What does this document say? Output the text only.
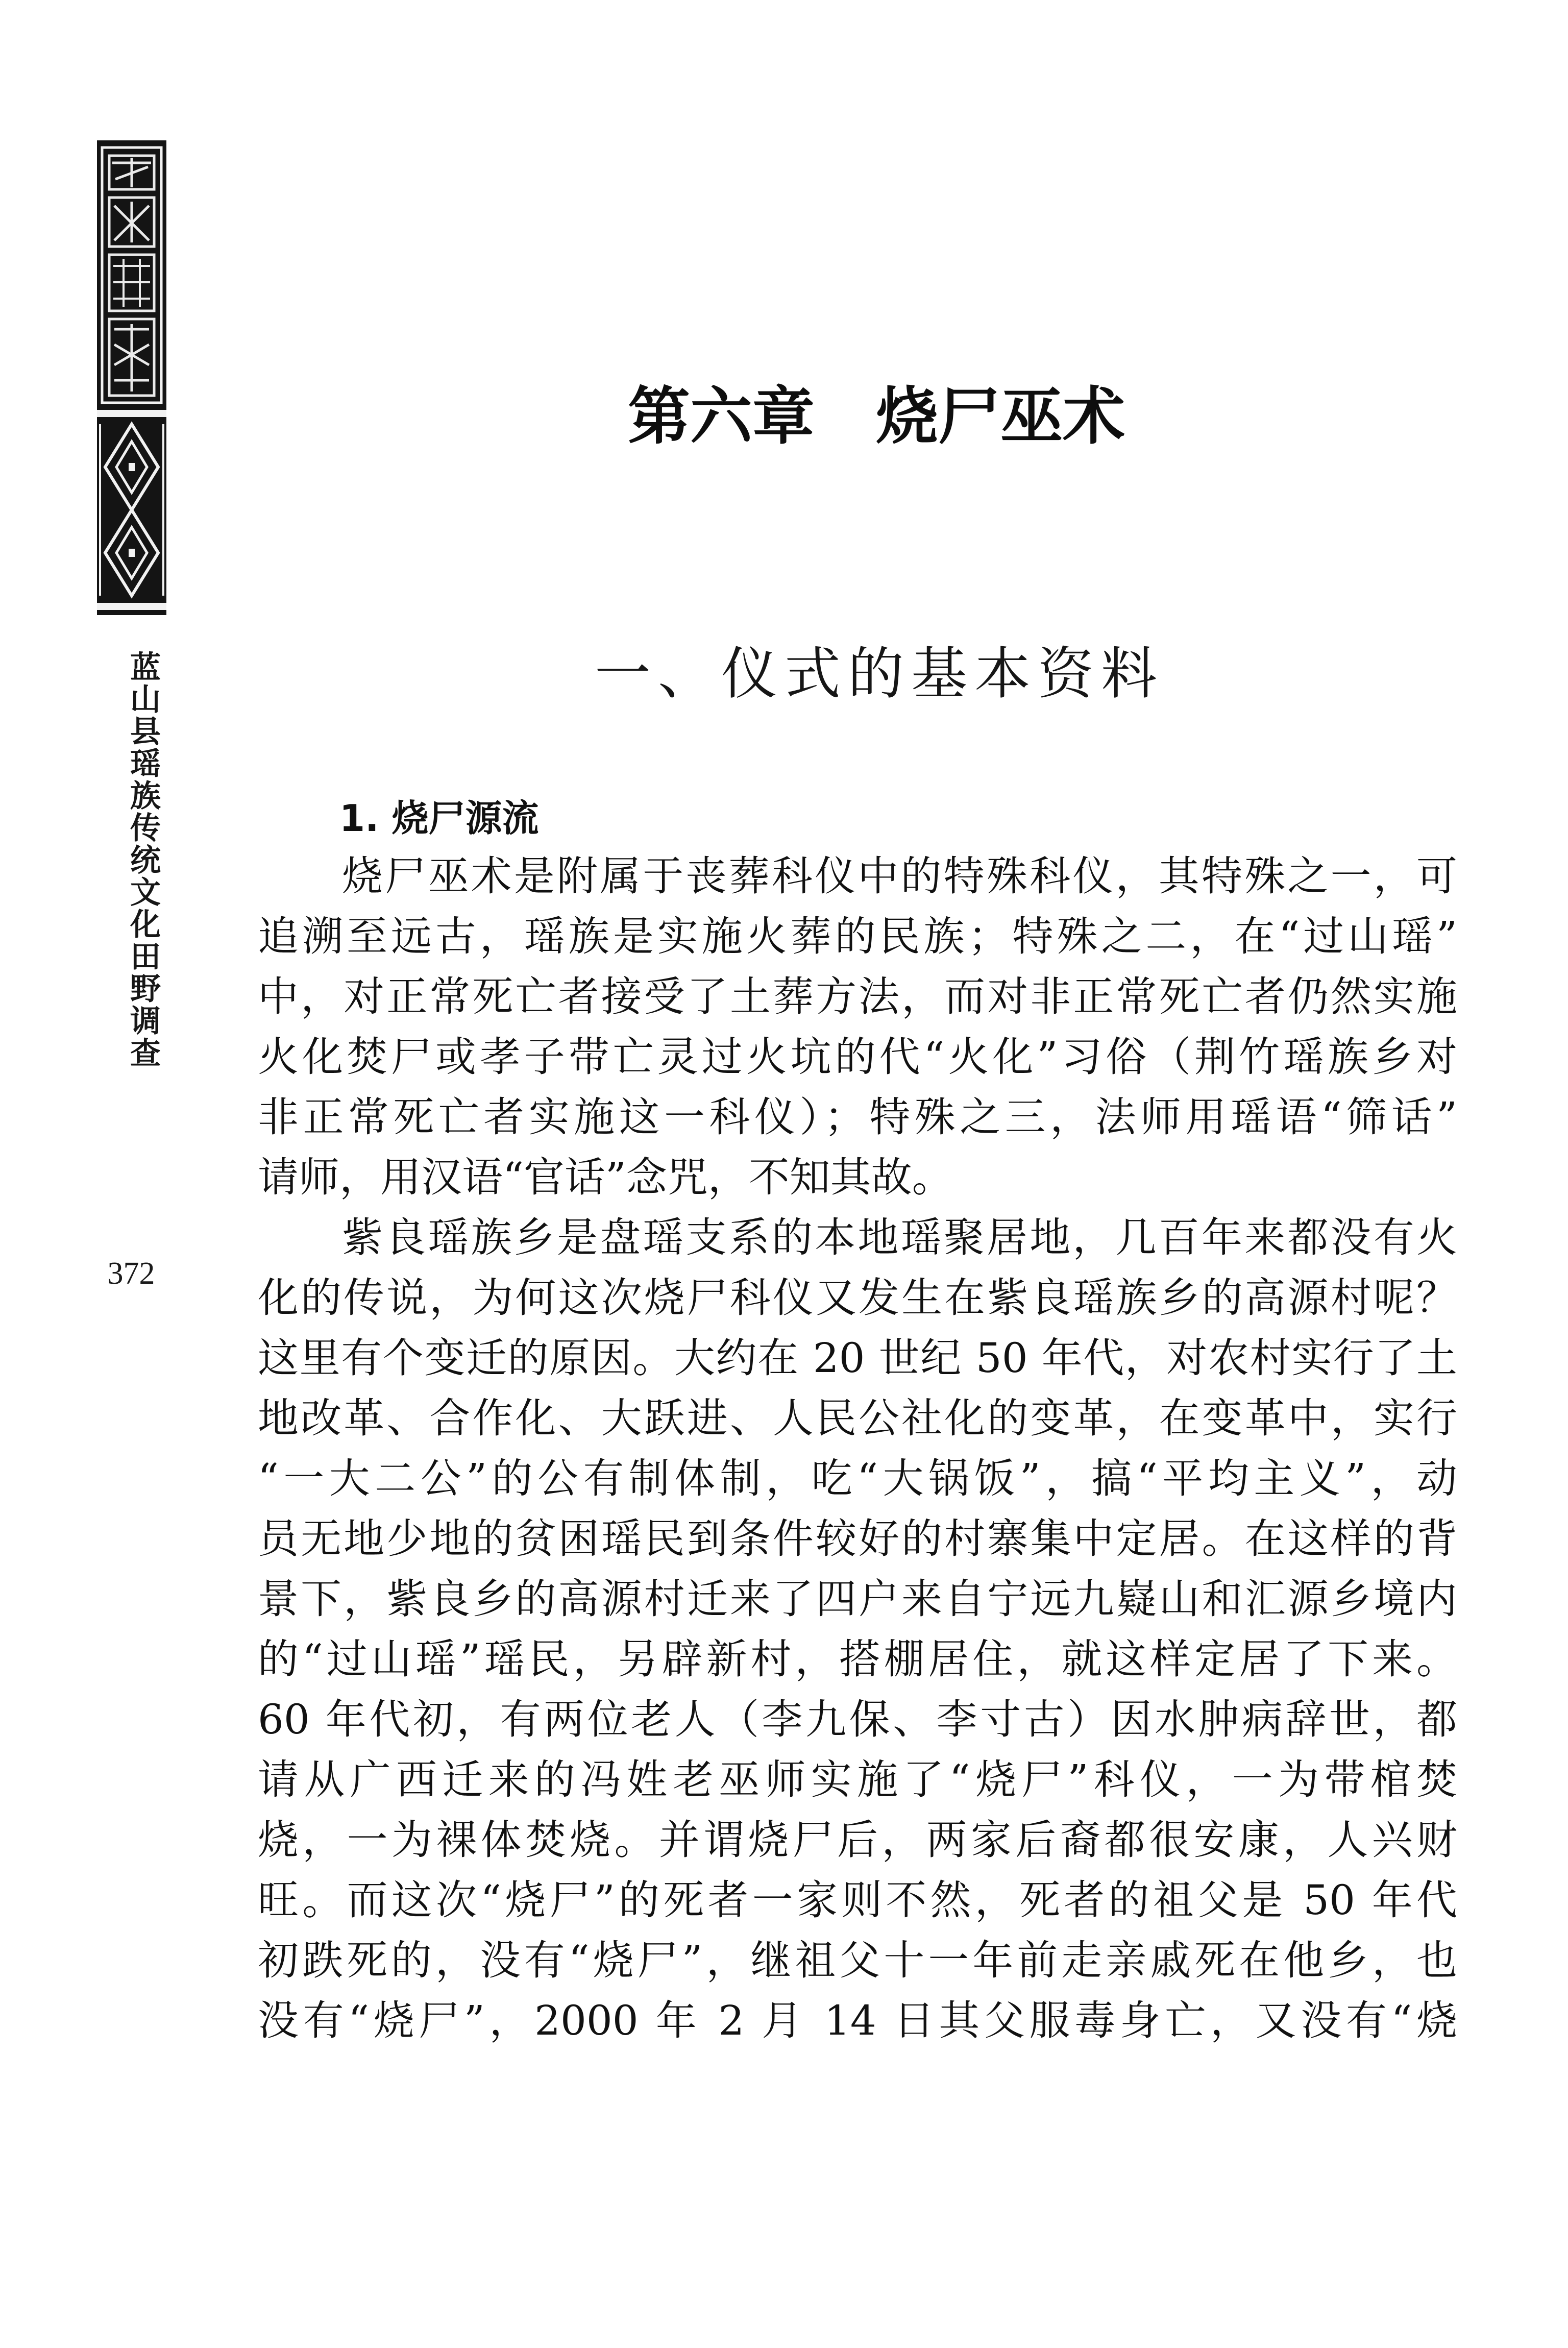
蓝山县瑶族传统文化田野调查
372
第六章 烧尸巫术
一、仪式的基本资料
1. 烧尸源流
烧尸巫术是附属于丧葬科仪中的特殊科仪，其特殊之一，可
追溯至远古，瑶族是实施火葬的民族；特殊之二，在“过山瑶”
中，对正常死亡者接受了土葬方法，而对非正常死亡者仍然实施
火化焚尸或孝子带亡灵过火坑的代“火化”习俗（荆竹瑶族乡对
非正常死亡者实施这一科仪）；特殊之三，法师用瑶语“筛话”
请师，用汉语“官话”念咒，不知其故。
紫良瑶族乡是盘瑶支系的本地瑶聚居地，几百年来都没有火
化的传说，为何这次烧尸科仪又发生在紫良瑶族乡的高源村呢？
这里有个变迁的原因。大约在 20 世纪 50 年代，对农村实行了土
地改革、合作化、大跃进、人民公社化的变革，在变革中，实行
“一大二公”的公有制体制，吃“大锅饭”，搞“平均主义”，动
员无地少地的贫困瑶民到条件较好的村寨集中定居。在这样的背
景下，紫良乡的高源村迁来了四户来自宁远九嶷山和汇源乡境内
的“过山瑶”瑶民，另辟新村，搭棚居住，就这样定居了下来。
60 年代初，有两位老人（李九保、李寸古）因水肿病辞世，都
请从广西迁来的冯姓老巫师实施了“烧尸”科仪，一为带棺焚
烧，一为裸体焚烧。并谓烧尸后，两家后裔都很安康，人兴财
旺。而这次“烧尸”的死者一家则不然，死者的祖父是 50 年代
初跌死的，没有“烧尸”，继祖父十一年前走亲戚死在他乡，也
没有“烧尸”，2000 年 2 月 14 日其父服毒身亡，又没有“烧
